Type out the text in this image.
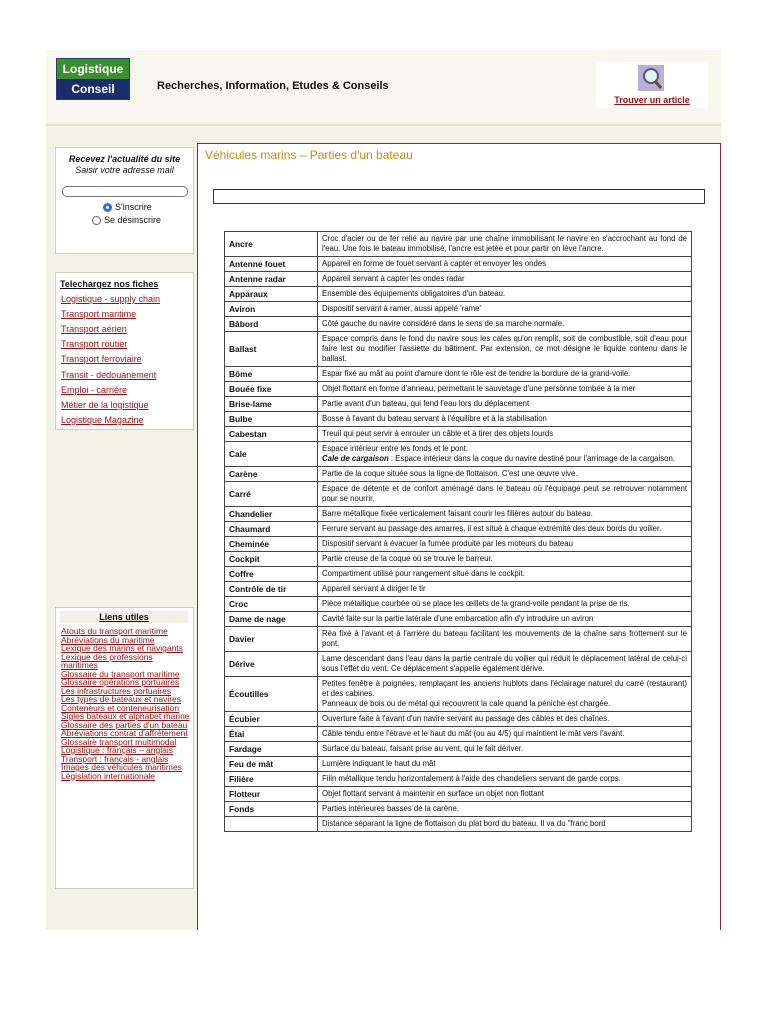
Logistique
Conseil	Recherches, Information, Etudes & Conseils
Trouver un article
Recevez l'actualité du site
Saisir votre adresse mail
S'inscrire
Se désinscrire
Telechargez nos fiches
Logistique - supply chain
Transport maritime
Transport aérien
Transport routier
Transport ferroviaire
Transit - dedouanement
Emploi - carrière
Métier de la logistique
Logistique Magazine
Liens utiles
Atouts du transport maritime
Abréviations du maritime
Lexique des marins et navigants
Lexique des professions maritimes
Glossaire du transport maritime
Glossaire opérations portuaires
Les infrastructures portuaires
Les types de bateaux et navires
Conteneurs et conteneurisation
Sigles bateaux et alphabet marine
Glossaire des parties d'un bateau
Abréviations contrat d'affrètement
Glossaire transport multimodal
Logistique : français – anglais
Transport : français - anglais
Images des véhicules maritimes
Législation internationale
Véhicules marins – Parties d'un bateau
Ancre	Croc d'acier ou de fer relié au navire par une chaîne immobilisant le navire en s'accrochant au fond de l'eau. Une fois le bateau immobilisé, l'ancre est jetée et pour partir on lève l'ancre.
Antenne fouet	Appareil en forme de fouet servant à capter et envoyer les ondes
Antenne radar	Appareil servant à capter les ondes radar
Apparaux	Ensemble des équipements obligatoires d'un bateau.
Aviron	Dispositif servant à ramer, aussi appelé 'rame'
Bâbord	Côté gauche du navire considéré dans le sens de sa marche normale.
Ballast	Espace compris dans le fond du navire sous les cales qu'on remplit, soit de combustible, soit d'eau pour faire lest ou modifier l'assiette du bâtiment. Par extension, ce mot désigne le liquide contenu dans le ballast.
Bôme	Espar fixé au mât au point d'amure dont le rôle est de tendre la bordure de la grand-voile.
Bouée fixe	Objet flottant en forme d'anneau, permettant le sauvetage d'une personne tombée à la mer
Brise-lame	Partie avant d'un bateau, qui fend l'eau lors du déplacement
Bulbe	Bosse à l'avant du bateau servant à l'équilibre et à la stabilisation
Cabestan	Treuil qui peut servir à enrouler un câble et à tirer des objets lourds
Cale	Espace intérieur entre les fonds et le pont.
Cale de cargaison : Espace intérieur dans la coque du navire destiné pour l'arrimage de la cargaison.
Carène	Partie de la coque située sous la ligne de flottaison. C'est une œuvre vive.
Carré	Espace de détente et de confort aménagé dans le bateau où l'équipage peut se retrouver notamment pour se nourrir.
Chandelier	Barre métallique fixée verticalement faisant courir les filières autour du bateau.
Chaumard	Ferrure servant au passage des amarres, il est situé à chaque extrémité des deux bords du voilier.
Cheminée	Dispositif servant à évacuer la fumée produite par les moteurs du bateau
Cockpit	Partie creuse de la coque où se trouve le barreur.
Coffre	Compartiment utilisé pour rangement situé dans le cockpit.
Contrôle de tir	Appareil servant à diriger le tir
Croc	Pièce métallique courbée où se place les œillets de la grand-voile pendant la prise de ris.
Dame de nage	Cavité faite sur la partie latérale d'une embarcation afin d'y introduire un aviron
Davier	Réa fixé à l'avant et à l'arrière du bateau facilitant les mouvements de la chaîne sans frottement sur le pont.
Dérive	Lame descendant dans l'eau dans la partie centrale du voilier qui réduit le déplacement latéral de celui-ci sous l'effet du vent. Ce déplacement s'appelle également dérive.
Écoutilles	Petites fenêtre à poignées, remplaçant les anciens hublots dans l'éclairage naturel du carré (restaurant) et des cabines.
Panneaux de bois ou de métal qui recouvrent la cale quand la péniche est chargée.
Écubier	Ouverture faite à l'avant d'un navire servant au passage des câbles et des chaînes.
Étai	Câble tendu entre l'étrave et le haut du mât (ou au 4/5) qui maintient le mât vers l'avant.
Fardage	Surface du bateau, faisant prise au vent, qui le fait dériver.
Feu de mât	Lumière indiquant le haut du mât
Filière	Filin métallique tendu horizontalement à l'aide des chandeliers servant de garde corps.
Flotteur	Objet flottant servant à maintenir en surface un objet non flottant
Fonds	Parties intérieures basses de la carène.
	Distance séparant la ligne de flottaison du plat bord du bateau. Il va du "franc bord
